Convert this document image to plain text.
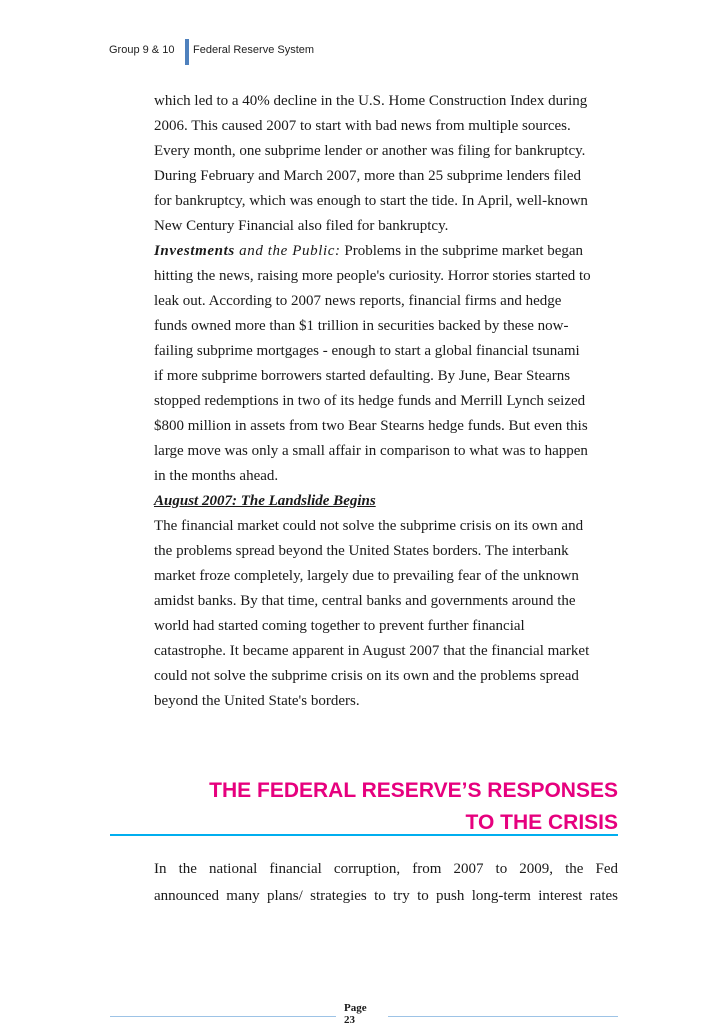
Group 9 & 10 Federal Reserve System
which led to a 40% decline in the U.S. Home Construction Index during
2006. This caused 2007 to start with bad news from multiple sources.
Every month, one subprime lender or another was filing for bankruptcy.
During February and March 2007, more than 25 subprime lenders filed
for bankruptcy, which was enough to start the tide. In April, well-known
New Century Financial also filed for bankruptcy.
Investments and the Public: Problems in the subprime market began
hitting the news, raising more people's curiosity. Horror stories started to
leak out. According to 2007 news reports, financial firms and hedge
funds owned more than $1 trillion in securities backed by these now-
failing subprime mortgages - enough to start a global financial tsunami
if more subprime borrowers started defaulting. By June, Bear Stearns
stopped redemptions in two of its hedge funds and Merrill Lynch seized
$800 million in assets from two Bear Stearns hedge funds. But even this
large move was only a small affair in comparison to what was to happen
in the months ahead.
August 2007: The Landslide Begins
The financial market could not solve the subprime crisis on its own and
the problems spread beyond the United States borders. The interbank
market froze completely, largely due to prevailing fear of the unknown
amidst banks. By that time, central banks and governments around the
world had started coming together to prevent further financial
catastrophe. It became apparent in August 2007 that the financial market
could not solve the subprime crisis on its own and the problems spread
beyond the United State's borders.
THE FEDERAL RESERVE’S RESPONSES
TO THE CRISIS
In the national financial corruption, from 2007 to 2009, the Fed
announced many plans/ strategies to try to push long-term interest rates
Page
23
